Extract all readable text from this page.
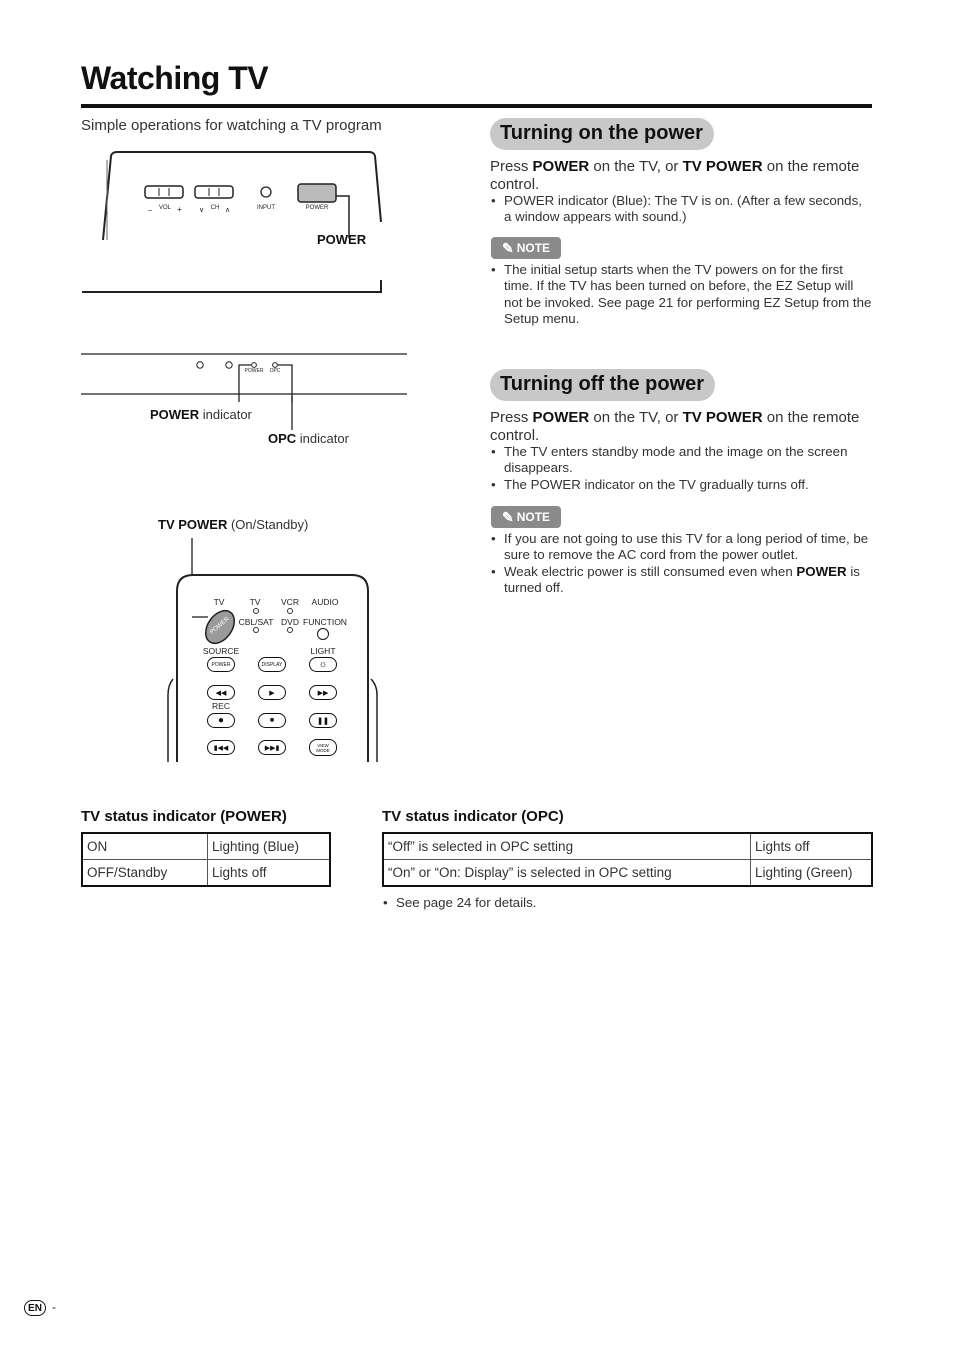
Watching TV
Simple operations for watching a TV program
–	+ ∨	∧
VOL	CH	INPUT	POWER
POWER
POWER	OPC
POWER indicator
OPC indicator
TV POWER (On/Standby)
TV
POWER
TV	VCR AUDIO
CBL/SAT DVD FUNCTION
SOURCE	LIGHT
POWER	DISPLAY	☼
◀◀	▶	▶▶
REC
●	■	❚❚
▮◀◀	▶▶▮	VIEW MODE
Turning on the power
Press POWER on the TV, or TV POWER on the remote control.
• POWER indicator (Blue): The TV is on. (After a few seconds, a window appears with sound.)
✎ NOTE
• The initial setup starts when the TV powers on for the first time. If the TV has been turned on before, the EZ Setup will not be invoked. See page 21 for performing EZ Setup from the Setup menu.
Turning off the power
Press POWER on the TV, or TV POWER on the remote control.
• The TV enters standby mode and the image on the screen disappears.
• The POWER indicator on the TV gradually turns off.
✎ NOTE
• If you are not going to use this TV for a long period of time, be sure to remove the AC cord from the power outlet.
• Weak electric power is still consumed even when POWER is turned off.
TV status indicator (POWER)
ON	Lighting (Blue)
OFF/Standby	Lights off
TV status indicator (OPC)
“Off” is selected in OPC setting	Lights off
“On” or “On: Display” is selected in OPC setting	Lighting (Green)
• See page 24 for details.
EN -
